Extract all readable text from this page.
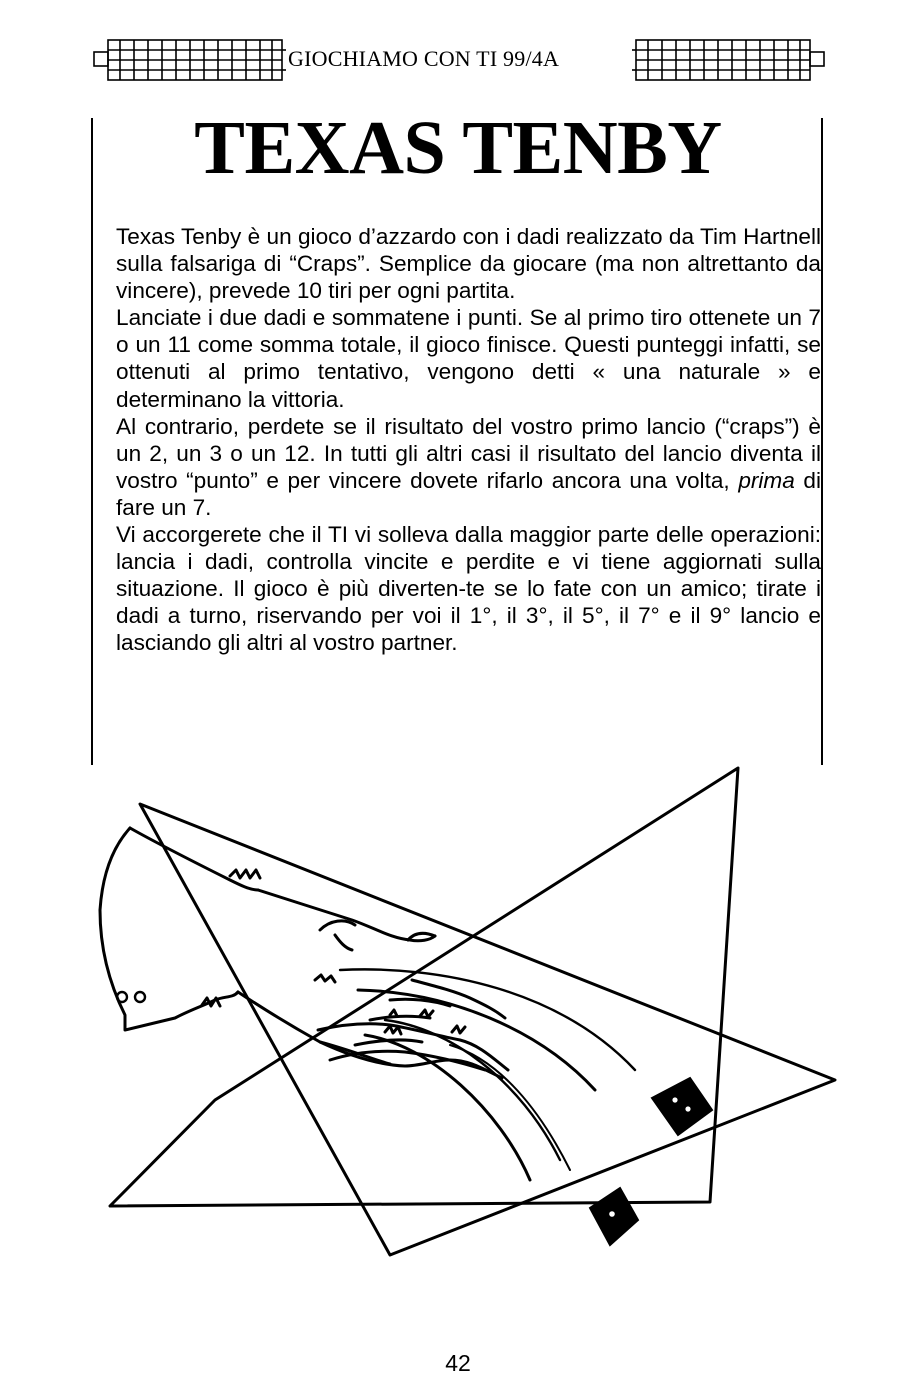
GIOCHIAMO CON TI 99/4A
TEXAS TENBY

Texas Tenby è un gioco d’azzardo con i dadi realizzato da Tim Hartnell sulla falsariga di “Craps”. Semplice da giocare (ma non altrettanto da vincere), prevede 10 tiri per ogni partita.

Lanciate i due dadi e sommatene i punti. Se al primo tiro ottenete un 7 o un 11 come somma totale, il gioco finisce. Questi punteggi infatti, se ottenuti al primo tentativo, vengono detti « una naturale » e determinano la vittoria.

Al contrario, perdete se il risultato del vostro primo lancio (“craps”) è un 2, un 3 o un 12. In tutti gli altri casi il risultato del lancio diventa il vostro “punto” e per vincere dovete rifarlo ancora una volta, prima di fare un 7.

Vi accorgerete che il TI vi solleva dalla maggior parte delle operazioni: lancia i dadi, controlla vincite e perdite e vi tiene aggiornati sulla situazione. Il gioco è più diverten-te se lo fate con un amico; tirate i dadi a turno, riservando per voi il 1°, il 3°, il 5°, il 7° e il 9° lancio e lasciando gli altri al vostro partner.

42
